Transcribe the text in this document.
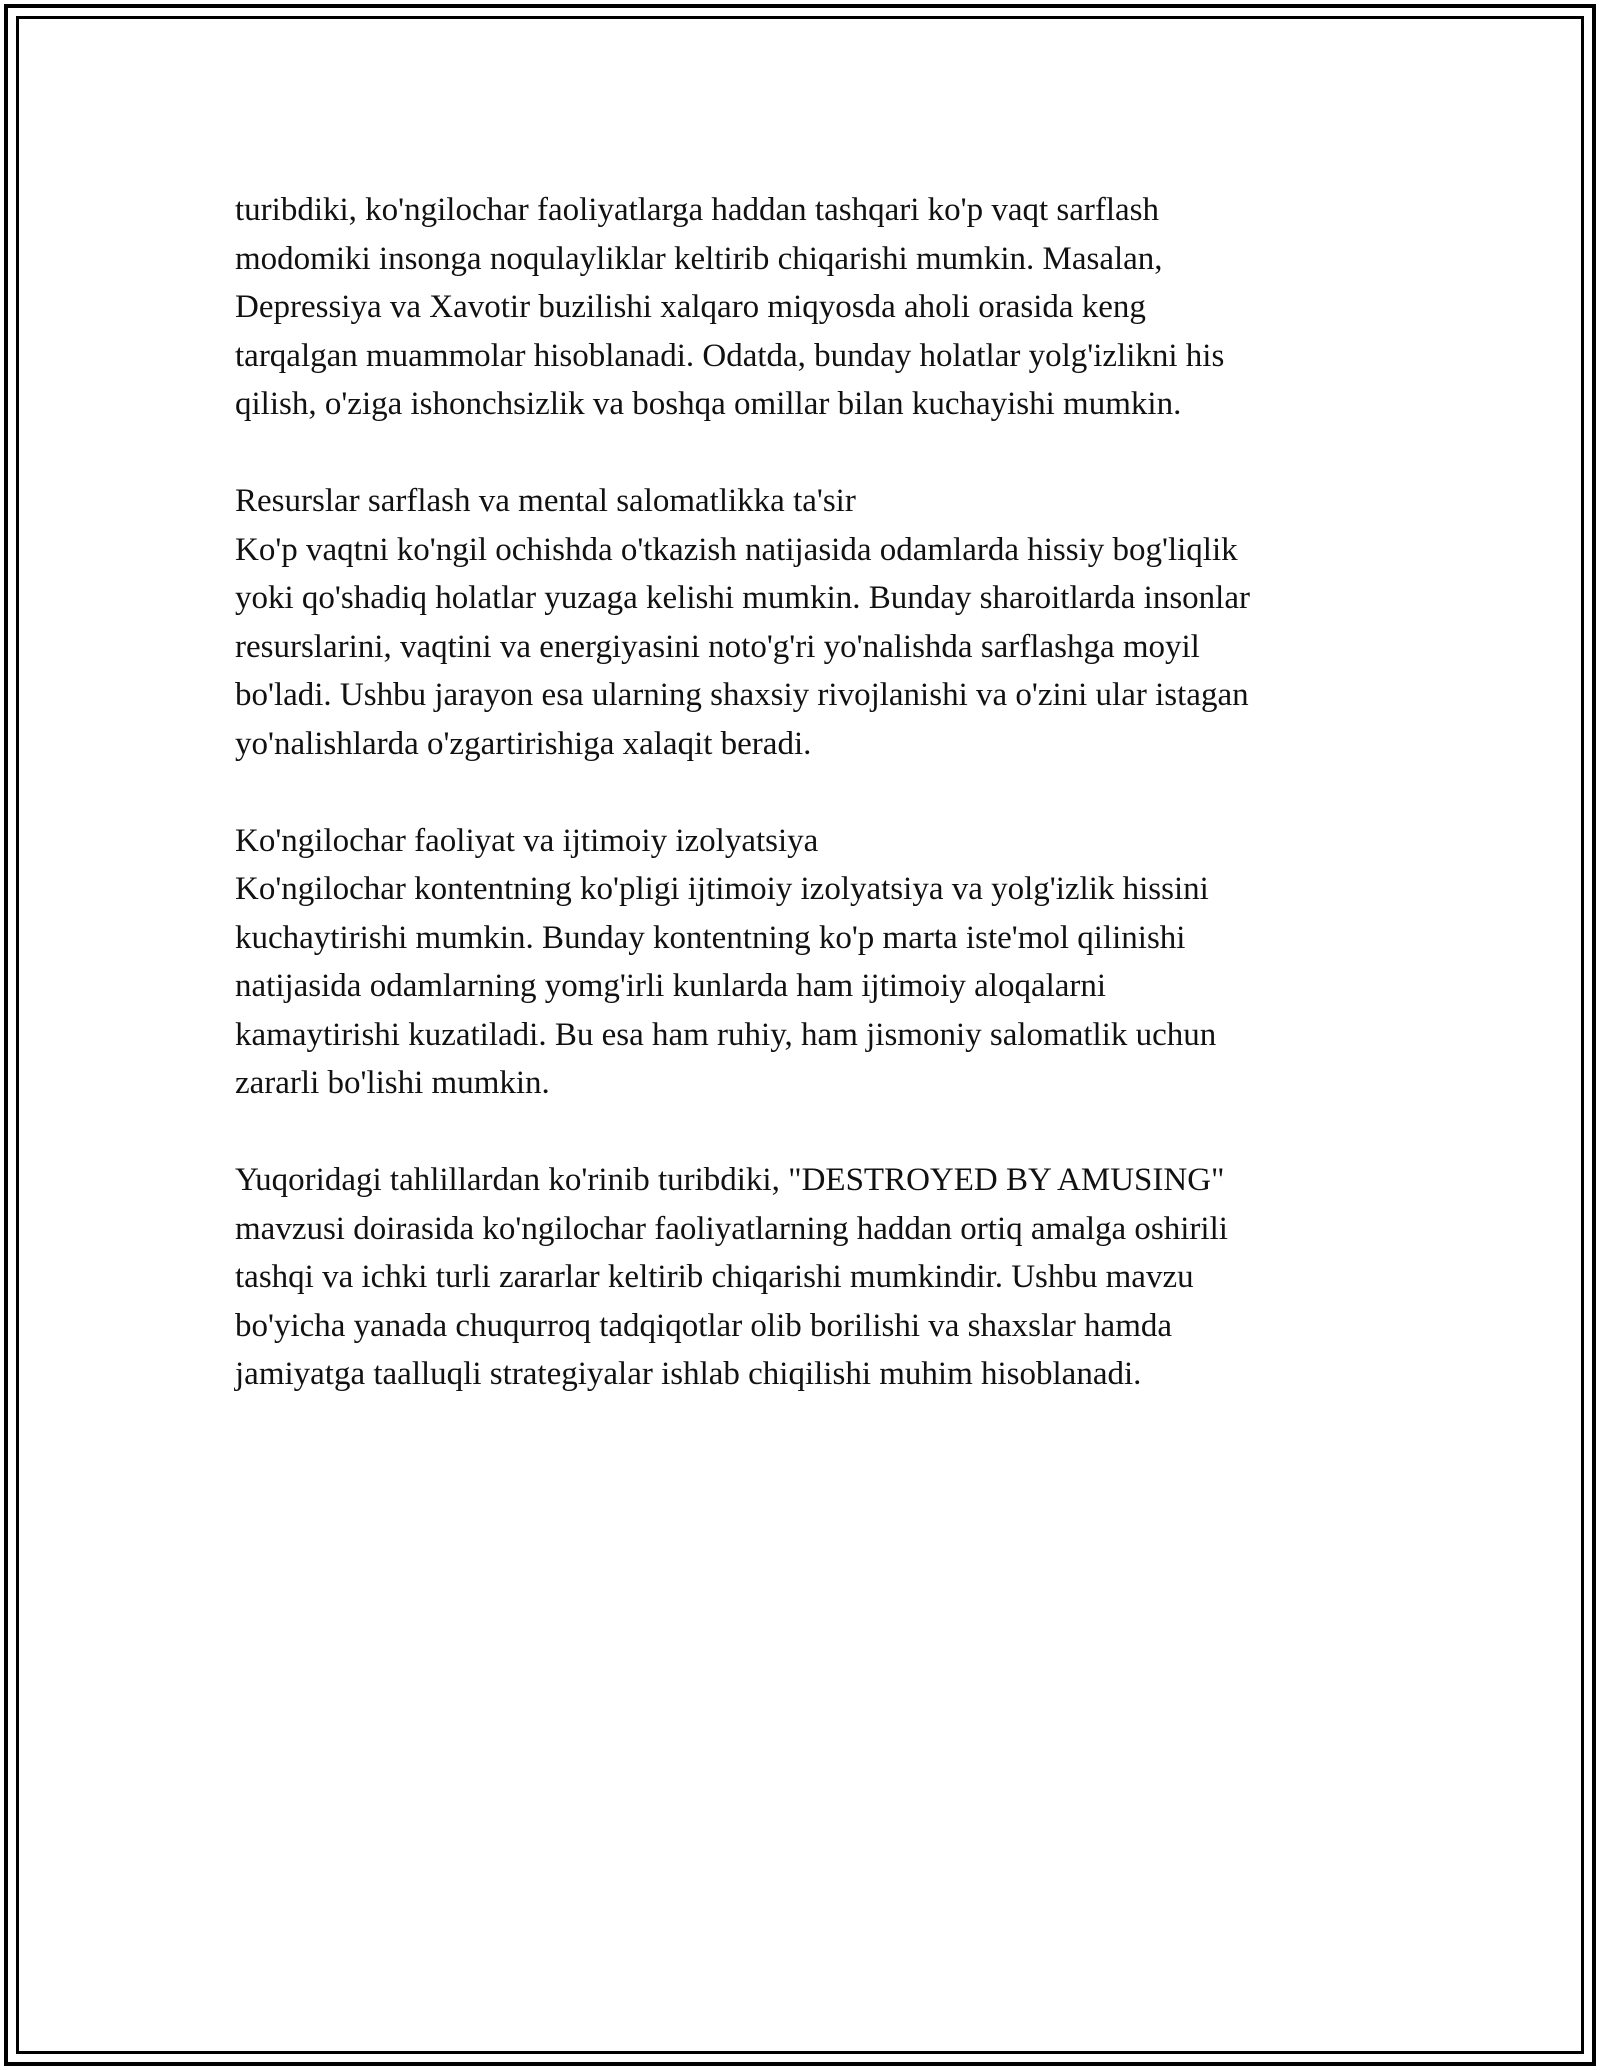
turibdiki, ko'ngilochar faoliyatlarga haddan tashqari ko'p vaqt sarflash
modomiki insonga noqulayliklar keltirib chiqarishi mumkin. Masalan,
Depressiya va Xavotir buzilishi xalqaro miqyosda aholi orasida keng
tarqalgan muammolar hisoblanadi. Odatda, bunday holatlar yolg'izlikni his
qilish, o'ziga ishonchsizlik va boshqa omillar bilan kuchayishi mumkin.

Resurslar sarflash va mental salomatlikka ta'sir
Ko'p vaqtni ko'ngil ochishda o'tkazish natijasida odamlarda hissiy bog'liqlik
yoki qo'shadiq holatlar yuzaga kelishi mumkin. Bunday sharoitlarda insonlar
resurslarini, vaqtini va energiyasini noto'g'ri yo'nalishda sarflashga moyil
bo'ladi. Ushbu jarayon esa ularning shaxsiy rivojlanishi va o'zini ular istagan
yo'nalishlarda o'zgartirishiga xalaqit beradi.

Ko'ngilochar faoliyat va ijtimoiy izolyatsiya
Ko'ngilochar kontentning ko'pligi ijtimoiy izolyatsiya va yolg'izlik hissini
kuchaytirishi mumkin. Bunday kontentning ko'p marta iste'mol qilinishi
natijasida odamlarning yomg'irli kunlarda ham ijtimoiy aloqalarni
kamaytirishi kuzatiladi. Bu esa ham ruhiy, ham jismoniy salomatlik uchun
zararli bo'lishi mumkin.

Yuqoridagi tahlillardan ko'rinib turibdiki, "DESTROYED BY AMUSING"
mavzusi doirasida ko'ngilochar faoliyatlarning haddan ortiq amalga oshirili
tashqi va ichki turli zararlar keltirib chiqarishi mumkindir. Ushbu mavzu
bo'yicha yanada chuqurroq tadqiqotlar olib borilishi va shaxslar hamda
jamiyatga taalluqli strategiyalar ishlab chiqilishi muhim hisoblanadi.
